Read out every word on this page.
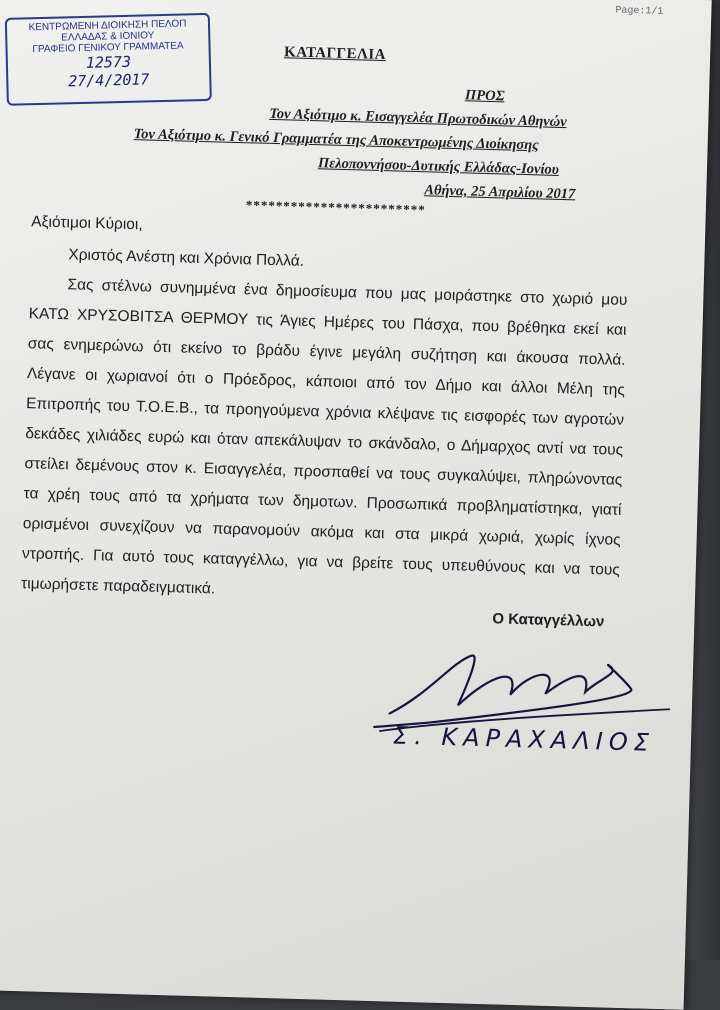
Page:1/1
ΚΕΝΤΡΩΜΕΝΗ ΔΙΟΙΚΗΣΗ ΠΕΛΟΠ
ΕΛΛΑΔΑΣ & ΙΟΝΙΟΥ
ΓΡΑΦΕΙΟ ΓΕΝΙΚΟΥ ΓΡΑΜΜΑΤΕΑ
12573
27/4/2017
ΚΑΤΑΓΓΕΛΙΑ
ΠΡΟΣ
Τον Αξιότιμο κ. Εισαγγελέα Πρωτοδικών Αθηνών
Τον Αξιότιμο κ. Γενικό Γραμματέα της Αποκεντρωμένης Διοίκησης
Πελοποννήσου-Δυτικής Ελλάδας-Ιονίου
Αθήνα, 25 Απριλίου 2017
************************
Αξιότιμοι Κύριοι,
Χριστός Ανέστη και Χρόνια Πολλά.
Σας στέλνω συνημμένα ένα δημοσίευμα που μας μοιράστηκε στο χωριό μου
ΚΑΤΩ ΧΡΥΣΟΒΙΤΣΑ ΘΕΡΜΟΥ τις Άγιες Ημέρες του Πάσχα, που βρέθηκα εκεί και
σας ενημερώνω ότι εκείνο το βράδυ έγινε μεγάλη συζήτηση και άκουσα πολλά.
Λέγανε οι χωριανοί ότι ο Πρόεδρος, κάποιοι από τον Δήμο και άλλοι Μέλη της
Επιτροπής του Τ.Ο.Ε.Β., τα προηγούμενα χρόνια κλέψανε τις εισφορές των αγροτών
δεκάδες χιλιάδες ευρώ και όταν απεκάλυψαν το σκάνδαλο, ο Δήμαρχος αντί να τους
στείλει δεμένους στον κ. Εισαγγελέα, προσπαθεί να τους συγκαλύψει, πληρώνοντας
τα χρέη τους από τα χρήματα των δημοτων. Προσωπικά προβληματίστηκα, γιατί
ορισμένοι συνεχίζουν να παρανομούν ακόμα και στα μικρά χωριά, χωρίς ίχνος
ντροπής. Για αυτό τους καταγγέλλω, για να βρείτε τους υπευθύνους και να τους
τιμωρήσετε παραδειγματικά.
Ο Καταγγέλλων
Σ. ΚΑΡΑΧΑΛΙΟΣ
